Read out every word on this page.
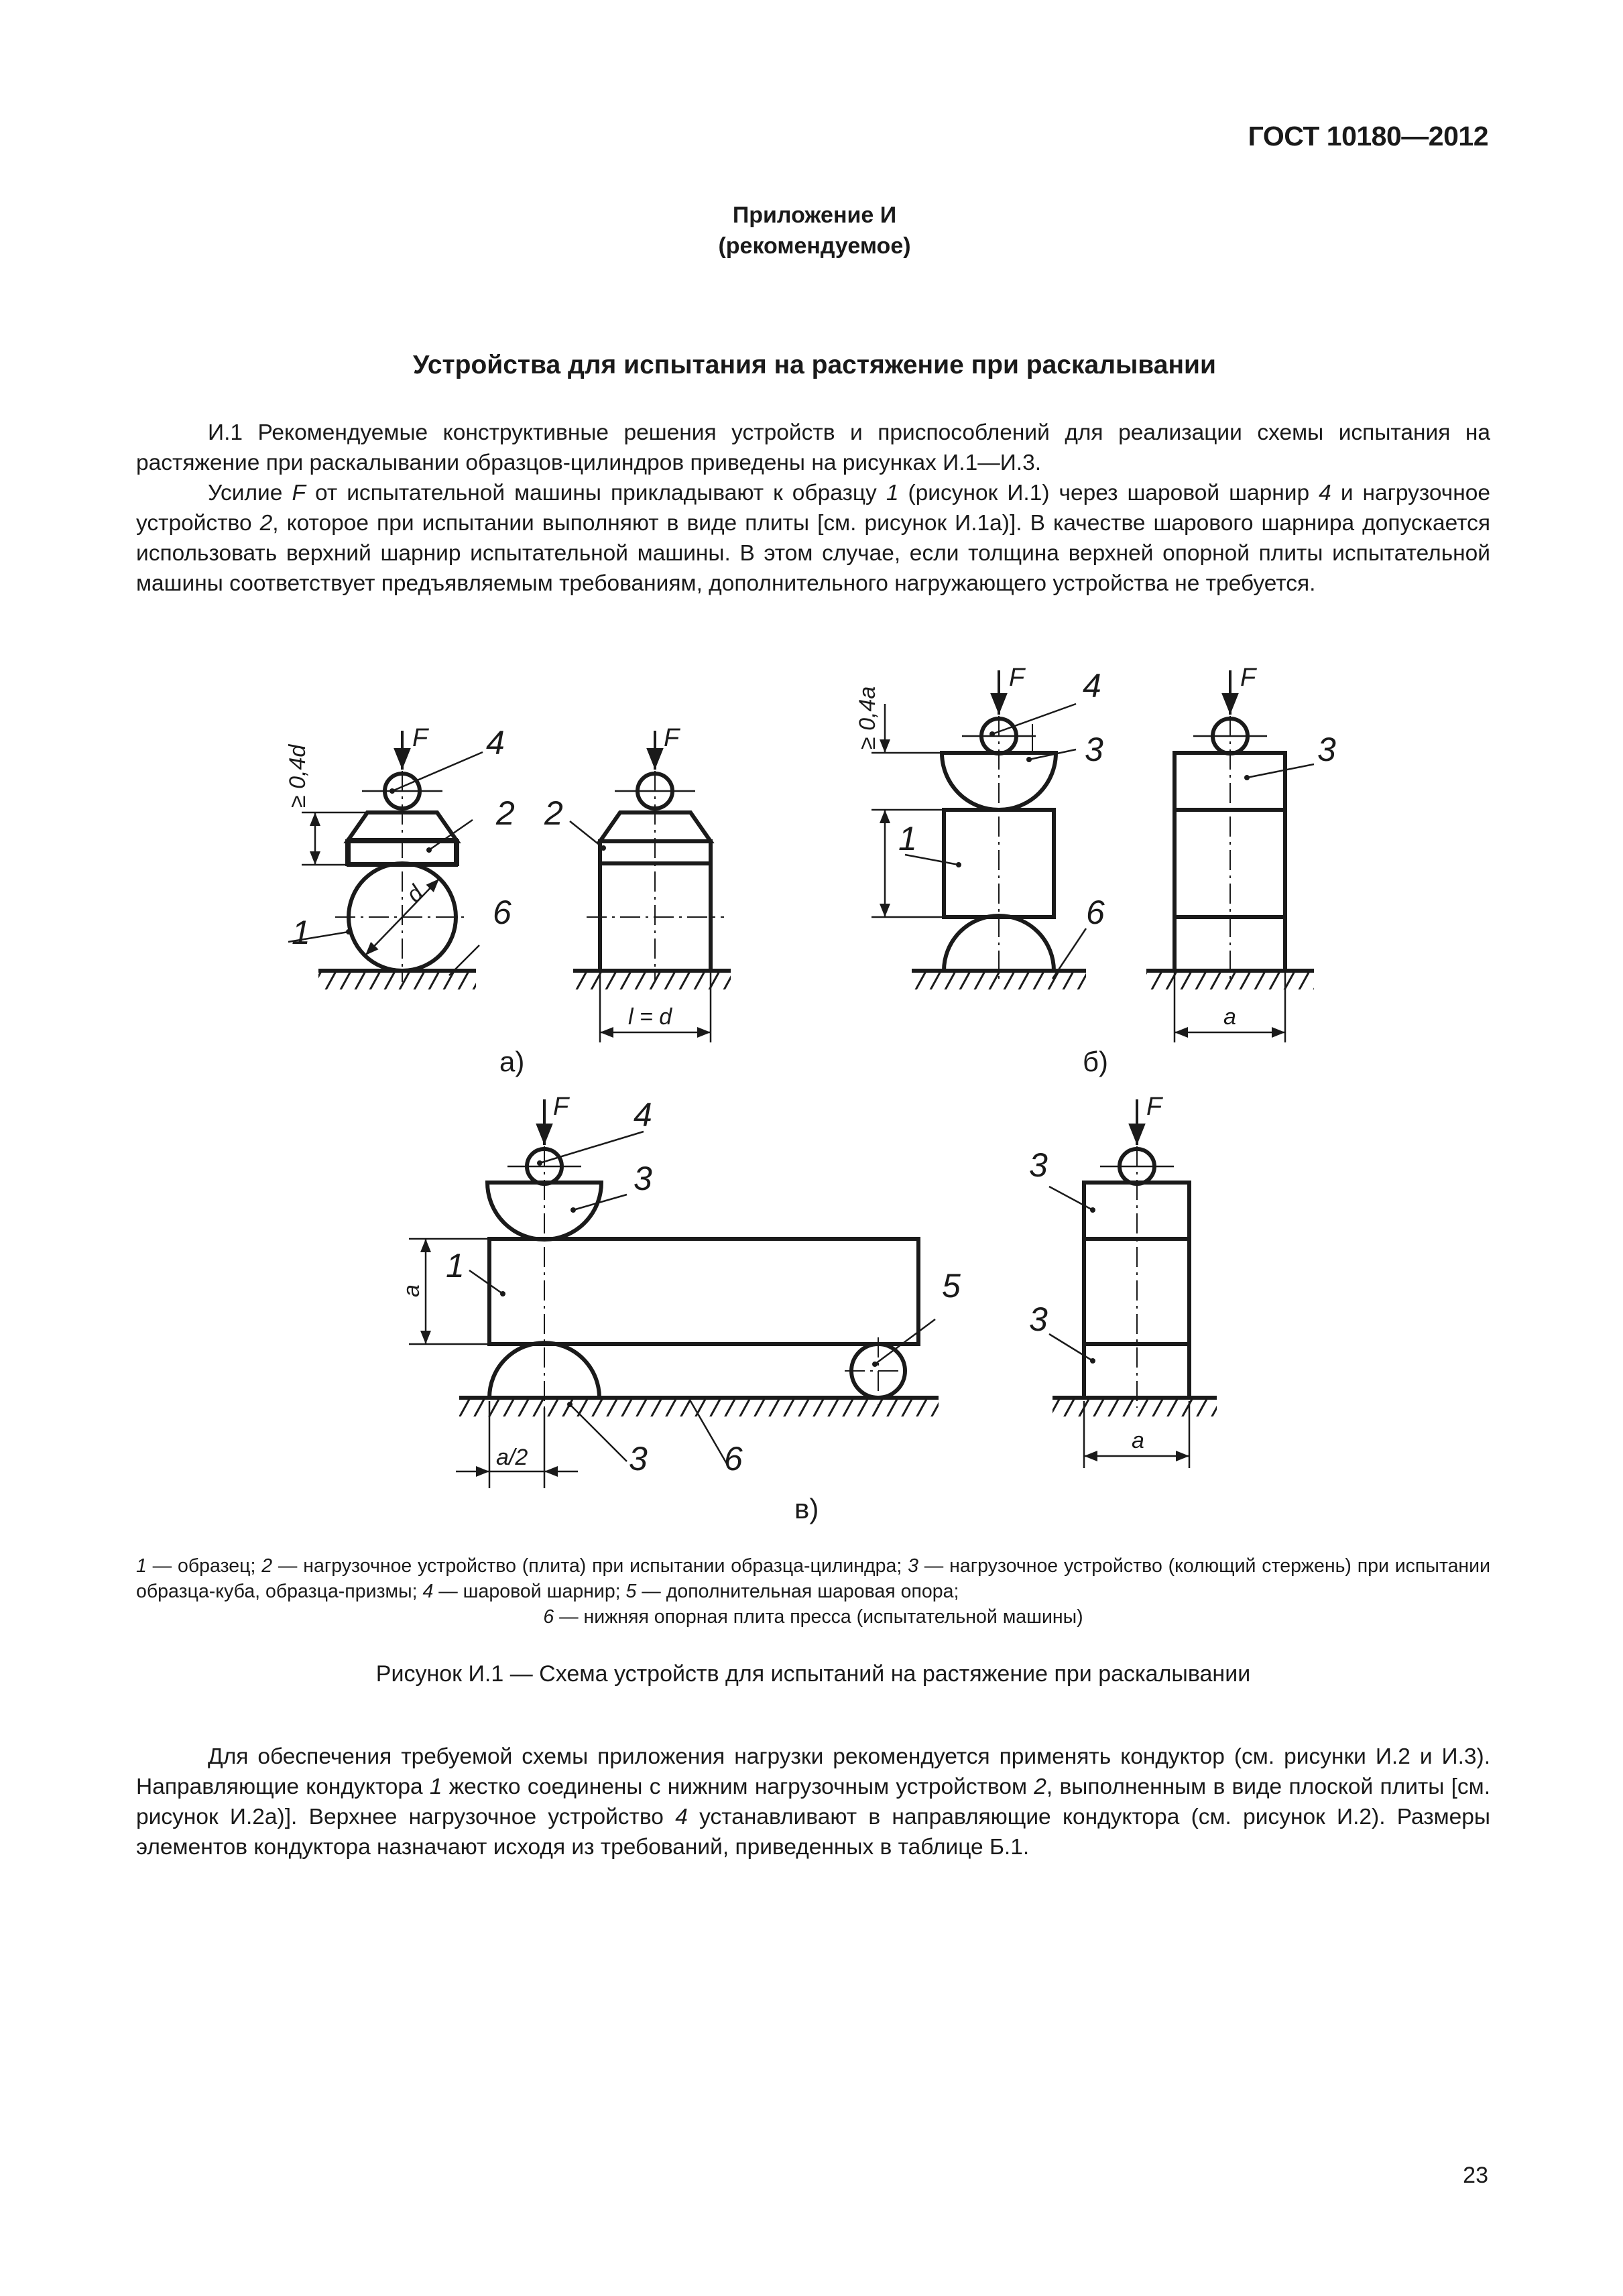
ГОСТ 10180—2012
Приложение И
(рекомендуемое)
Устройства для испытания на растяжение при раскалывании

И.1 Рекомендуемые конструктивные решения устройств и приспособлений для реализации схемы испытания на растяжение при раскалывании образцов-цилиндров приведены на рисунках И.1—И.3.

Усилие F от испытательной машины прикладывают к образцу 1 (рисунок И.1) через шаровой шарнир 4 и нагрузочное устройство 2, которое при испытании выполняют в виде плиты [см. рисунок И.1а)]. В качестве шарового шарнира допускается использовать верхний шарнир испытательной машины. В этом случае, если толщина верхней опорной плиты испытательной машины соответствует предъявляемым требованиям, дополнительного нагружающего устройства не требуется.

F	F
F	F
F	F
4
2 2
1
6
4
3	3
1
6
4
3
1
5
3 6
3
3
≥ 0,4d
≥ 0,4a
d
l = d	a
a
a/2
a
а)	б)
в)
1 — образец; 2 — нагрузочное устройство (плита) при испытании образца-цилиндра; 3 — нагрузочное устройство (колющий стержень) при испытании образца-куба, образца-призмы; 4 — шаровой шарнир; 5 — дополнительная шаровая опора;
6 — нижняя опорная плита пресса (испытательной машины)
Рисунок И.1 — Схема устройств для испытаний на растяжение при раскалывании

Для обеспечения требуемой схемы приложения нагрузки рекомендуется применять кондуктор (см. рисунки И.2 и И.3). Направляющие кондуктора 1 жестко соединены с нижним нагрузочным устройством 2, выполненным в виде плоской плиты [см. рисунок И.2а)]. Верхнее нагрузочное устройство 4 устанавливают в направляющие кондуктора (см. рисунок И.2). Размеры элементов кондуктора назначают исходя из требований, приведенных в таблице Б.1.

23
